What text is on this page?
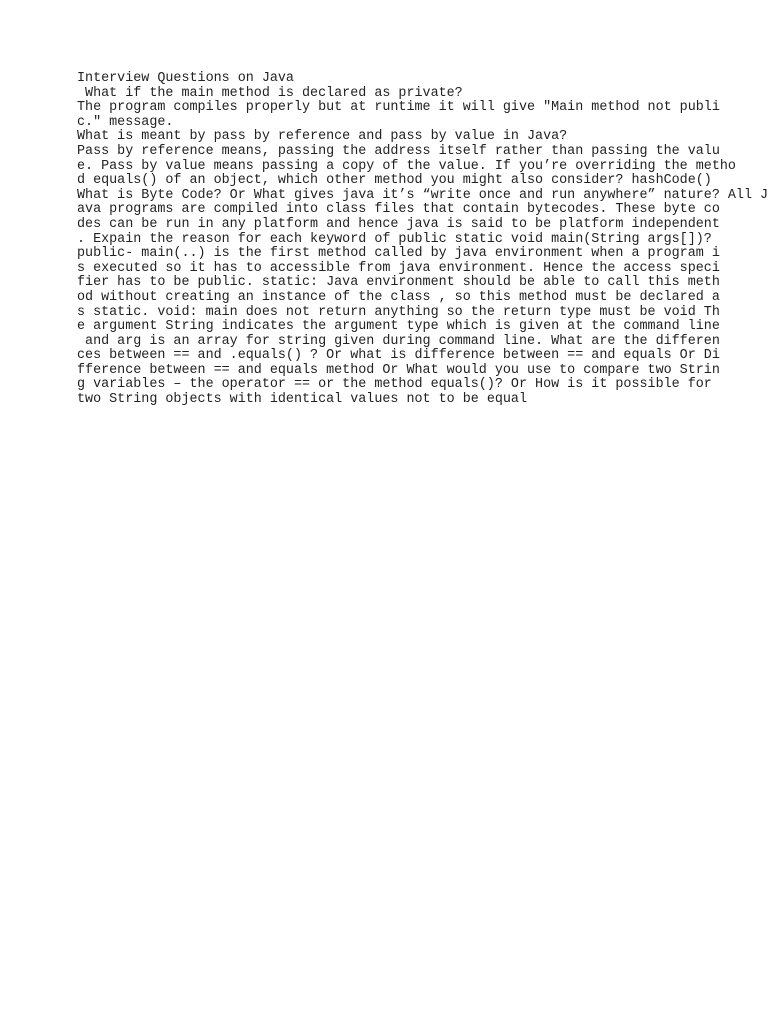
Interview Questions on Java
What if the main method is declared as private?
The program compiles properly but at runtime it will give "Main method not publi
c." message.
What is meant by pass by reference and pass by value in Java?
Pass by reference means, passing the address itself rather than passing the valu
e. Pass by value means passing a copy of the value. If you’re overriding the metho
d equals() of an object, which other method you might also consider? hashCode()
What is Byte Code? Or What gives java it’s “write once and run anywhere” nature? All J
ava programs are compiled into class files that contain bytecodes. These byte co
des can be run in any platform and hence java is said to be platform independent
. Expain the reason for each keyword of public static void main(String args[])?
public- main(..) is the first method called by java environment when a program i
s executed so it has to accessible from java environment. Hence the access speci
fier has to be public. static: Java environment should be able to call this meth
od without creating an instance of the class , so this method must be declared a
s static. void: main does not return anything so the return type must be void Th
e argument String indicates the argument type which is given at the command line
and arg is an array for string given during command line. What are the differen
ces between == and .equals() ? Or what is difference between == and equals Or Di
fference between == and equals method Or What would you use to compare two Strin
g variables – the operator == or the method equals()? Or How is it possible for
two String objects with identical values not to be equal
